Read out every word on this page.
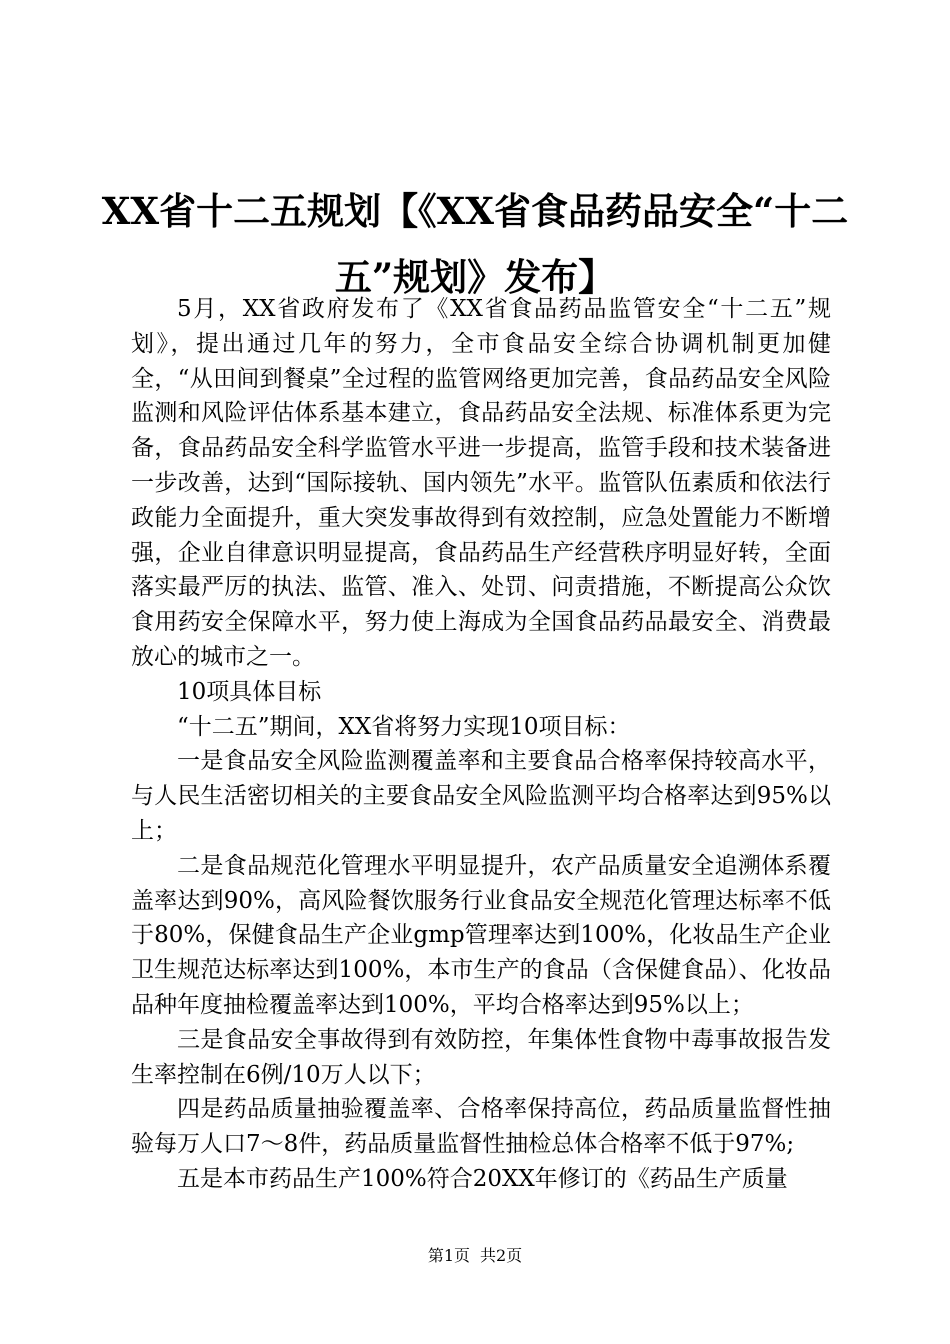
XX省十二五规划【《XX省食品药品安全“十二五”规划》发布】

5月，XX省政府发布了《XX省食品药品监管安全“十二五”规划》，提出通过几年的努力，全市食品安全综合协调机制更加健全，“从田间到餐桌”全过程的监管网络更加完善，食品药品安全风险监测和风险评估体系基本建立，食品药品安全法规、标准体系更为完备，食品药品安全科学监管水平进一步提高，监管手段和技术装备进一步改善，达到“国际接轨、国内领先”水平。监管队伍素质和依法行政能力全面提升，重大突发事故得到有效控制，应急处置能力不断增强，企业自律意识明显提高，食品药品生产经营秩序明显好转，全面落实最严厉的执法、监管、准入、处罚、问责措施，不断提高公众饮食用药安全保障水平，努力使上海成为全国食品药品最安全、消费最放心的城市之一。

10项具体目标

“十二五”期间，XX省将努力实现10项目标：

一是食品安全风险监测覆盖率和主要食品合格率保持较高水平，与人民生活密切相关的主要食品安全风险监测平均合格率达到95%以上；

二是食品规范化管理水平明显提升，农产品质量安全追溯体系覆盖率达到90%，高风险餐饮服务行业食品安全规范化管理达标率不低于80%，保健食品生产企业gmp管理率达到100%，化妆品生产企业卫生规范达标率达到100%，本市生产的食品（含保健食品）、化妆品品种年度抽检覆盖率达到100%，平均合格率达到95%以上；

三是食品安全事故得到有效防控，年集体性食物中毒事故报告发生率控制在6例/10万人以下；

四是药品质量抽验覆盖率、合格率保持高位，药品质量监督性抽验每万人口7～8件，药品质量监督性抽检总体合格率不低于97%;

五是本市药品生产100%符合20XX年修订的《药品生产质量

第1页 共2页
